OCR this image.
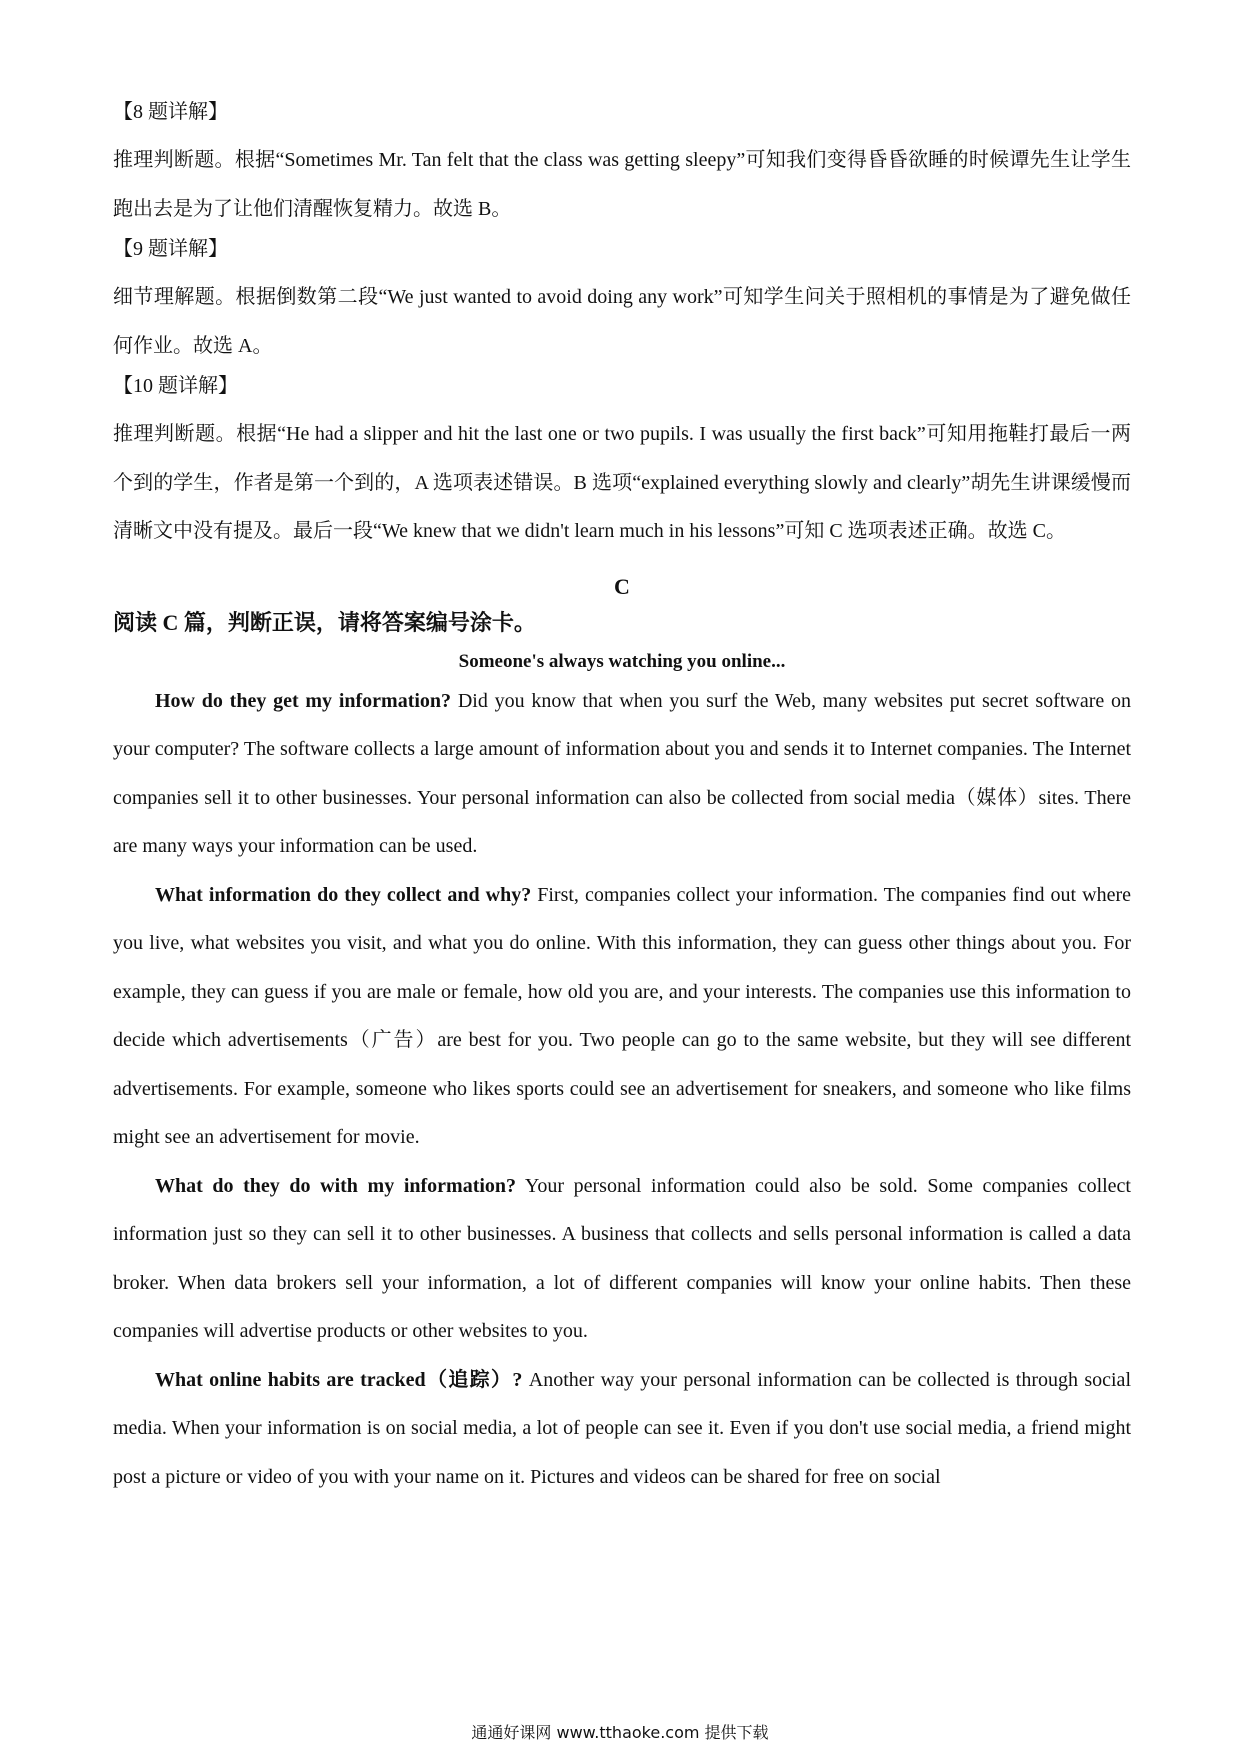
【8 题详解】

推理判断题。根据“Sometimes Mr. Tan felt that the class was getting sleepy”可知我们变得昏昏欲睡的时候谭先生让学生跑出去是为了让他们清醒恢复精力。故选 B。

【9 题详解】

细节理解题。根据倒数第二段“We just wanted to avoid doing any work”可知学生问关于照相机的事情是为了避免做任何作业。故选 A。

【10 题详解】

推理判断题。根据“He had a slipper and hit the last one or two pupils. I was usually the first back”可知用拖鞋打最后一两个到的学生，作者是第一个到的，A 选项表述错误。B 选项“explained everything slowly and clearly”胡先生讲课缓慢而清晰文中没有提及。最后一段“We knew that we didn't learn much in his lessons”可知 C 选项表述正确。故选 C。

C

阅读 C 篇，判断正误，请将答案编号涂卡。

Someone's always watching you online...

How do they get my information? Did you know that when you surf the Web, many websites put secret software on your computer? The software collects a large amount of information about you and sends it to Internet companies. The Internet companies sell it to other businesses. Your personal information can also be collected from social media（媒体）sites. There are many ways your information can be used.

What information do they collect and why? First, companies collect your information. The companies find out where you live, what websites you visit, and what you do online. With this information, they can guess other things about you. For example, they can guess if you are male or female, how old you are, and your interests. The companies use this information to decide which advertisements（广告）are best for you. Two people can go to the same website, but they will see different advertisements. For example, someone who likes sports could see an advertisement for sneakers, and someone who like films might see an advertisement for movie.

What do they do with my information? Your personal information could also be sold. Some companies collect information just so they can sell it to other businesses. A business that collects and sells personal information is called a data broker. When data brokers sell your information, a lot of different companies will know your online habits. Then these companies will advertise products or other websites to you.

What online habits are tracked（追踪）? Another way your personal information can be collected is through social media. When your information is on social media, a lot of people can see it. Even if you don't use social media, a friend might post a picture or video of you with your name on it. Pictures and videos can be shared for free on social

通通好课网 www.tthaoke.com 提供下载
